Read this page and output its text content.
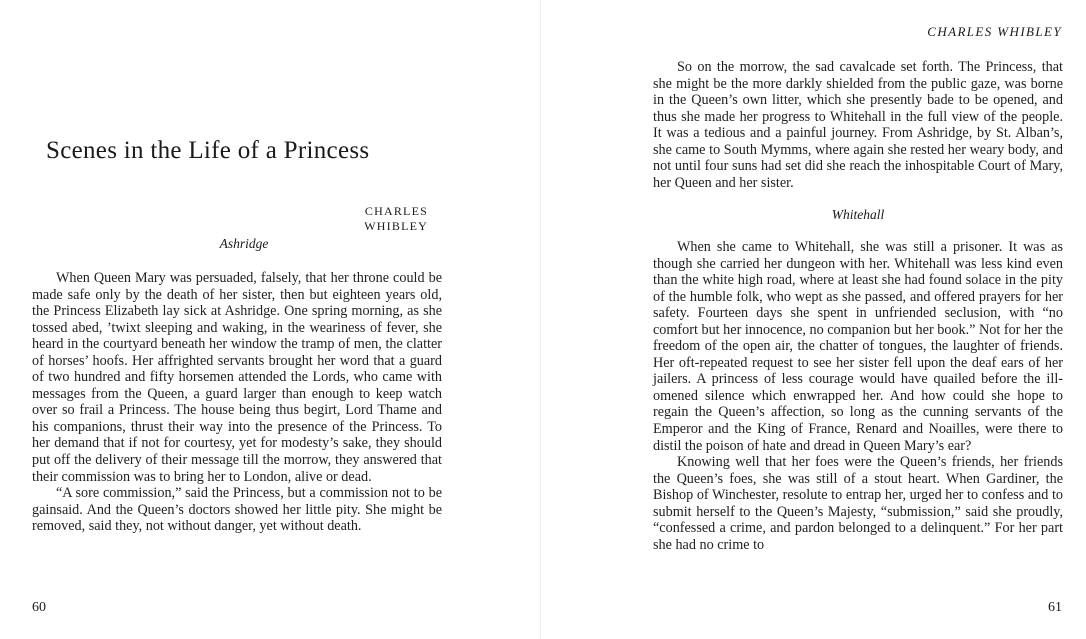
Scenes in the Life of a Princess
CHARLES WHIBLEY
Ashridge

When Queen Mary was persuaded, falsely, that her throne could be made safe only by the death of her sister, then but eighteen years old, the Princess Elizabeth lay sick at Ashridge. One spring morning, as she tossed abed, ’twixt sleeping and waking, in the weariness of fever, she heard in the courtyard beneath her window the tramp of men, the clatter of horses’ hoofs. Her affrighted servants brought her word that a guard of two hundred and fifty horsemen attended the Lords, who came with messages from the Queen, a guard larger than enough to keep watch over so frail a Princess. The house being thus begirt, Lord Thame and his companions, thrust their way into the presence of the Princess. To her demand that if not for courtesy, yet for modesty’s sake, they should put off the delivery of their message till the morrow, they answered that their commission was to bring her to London, alive or dead.

“A sore commission,” said the Princess, but a commission not to be gainsaid. And the Queen’s doctors showed her little pity. She might be removed, said they, not without danger, yet without death.

60
CHARLES WHIBLEY

So on the morrow, the sad cavalcade set forth. The Princess, that she might be the more darkly shielded from the public gaze, was borne in the Queen’s own litter, which she presently bade to be opened, and thus she made her progress to Whitehall in the full view of the people. It was a tedious and a painful journey. From Ashridge, by St. Alban’s, she came to South Mymms, where again she rested her weary body, and not until four suns had set did she reach the inhospitable Court of Mary, her Queen and her sister.

Whitehall

When she came to Whitehall, she was still a prisoner. It was as though she carried her dungeon with her. Whitehall was less kind even than the white high road, where at least she had found solace in the pity of the humble folk, who wept as she passed, and offered prayers for her safety. Fourteen days she spent in unfriended seclusion, with “no comfort but her innocence, no companion but her book.” Not for her the freedom of the open air, the chatter of tongues, the laughter of friends. Her oft-repeated request to see her sister fell upon the deaf ears of her jailers. A princess of less courage would have quailed before the ill-omened silence which enwrapped her. And how could she hope to regain the Queen’s affection, so long as the cunning servants of the Emperor and the King of France, Renard and Noailles, were there to distil the poison of hate and dread in Queen Mary’s ear?

Knowing well that her foes were the Queen’s friends, her friends the Queen’s foes, she was still of a stout heart. When Gardiner, the Bishop of Winchester, resolute to entrap her, urged her to confess and to submit herself to the Queen’s Majesty, “submission,” said she proudly, “confessed a crime, and pardon belonged to a delinquent.” For her part she had no crime to

61
